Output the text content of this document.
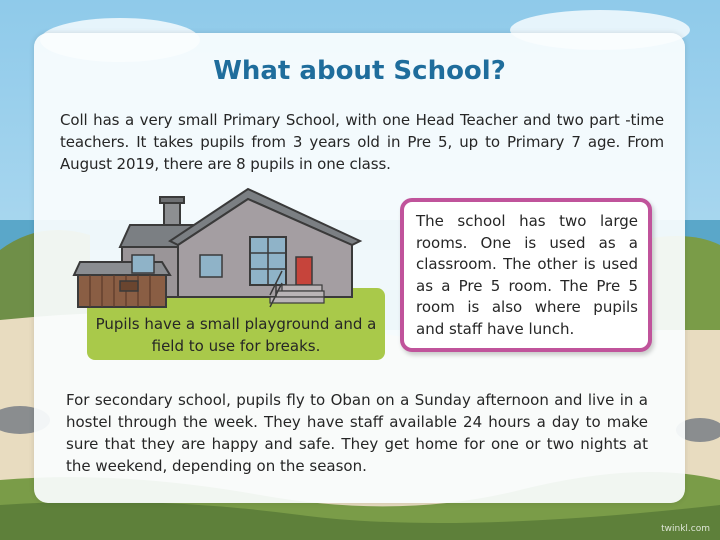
What about School?

Coll has a very small Primary School, with one Head Teacher and two part -time teachers. It takes pupils from 3 years old in Pre 5, up to Primary 7 age. From August 2019, there are 8 pupils in one class.

Pupils have a small playground and a field to use for breaks.

The school has two large rooms. One is used as a classroom. The other is used as a Pre 5 room. The Pre 5 room is also where pupils and staff have lunch.

For secondary school, pupils fly to Oban on a Sunday afternoon and live in a hostel through the week. They have staff available 24 hours a day to make sure that they are happy and safe. They get home for one or two nights at the weekend, depending on the season.

twinkl.com
